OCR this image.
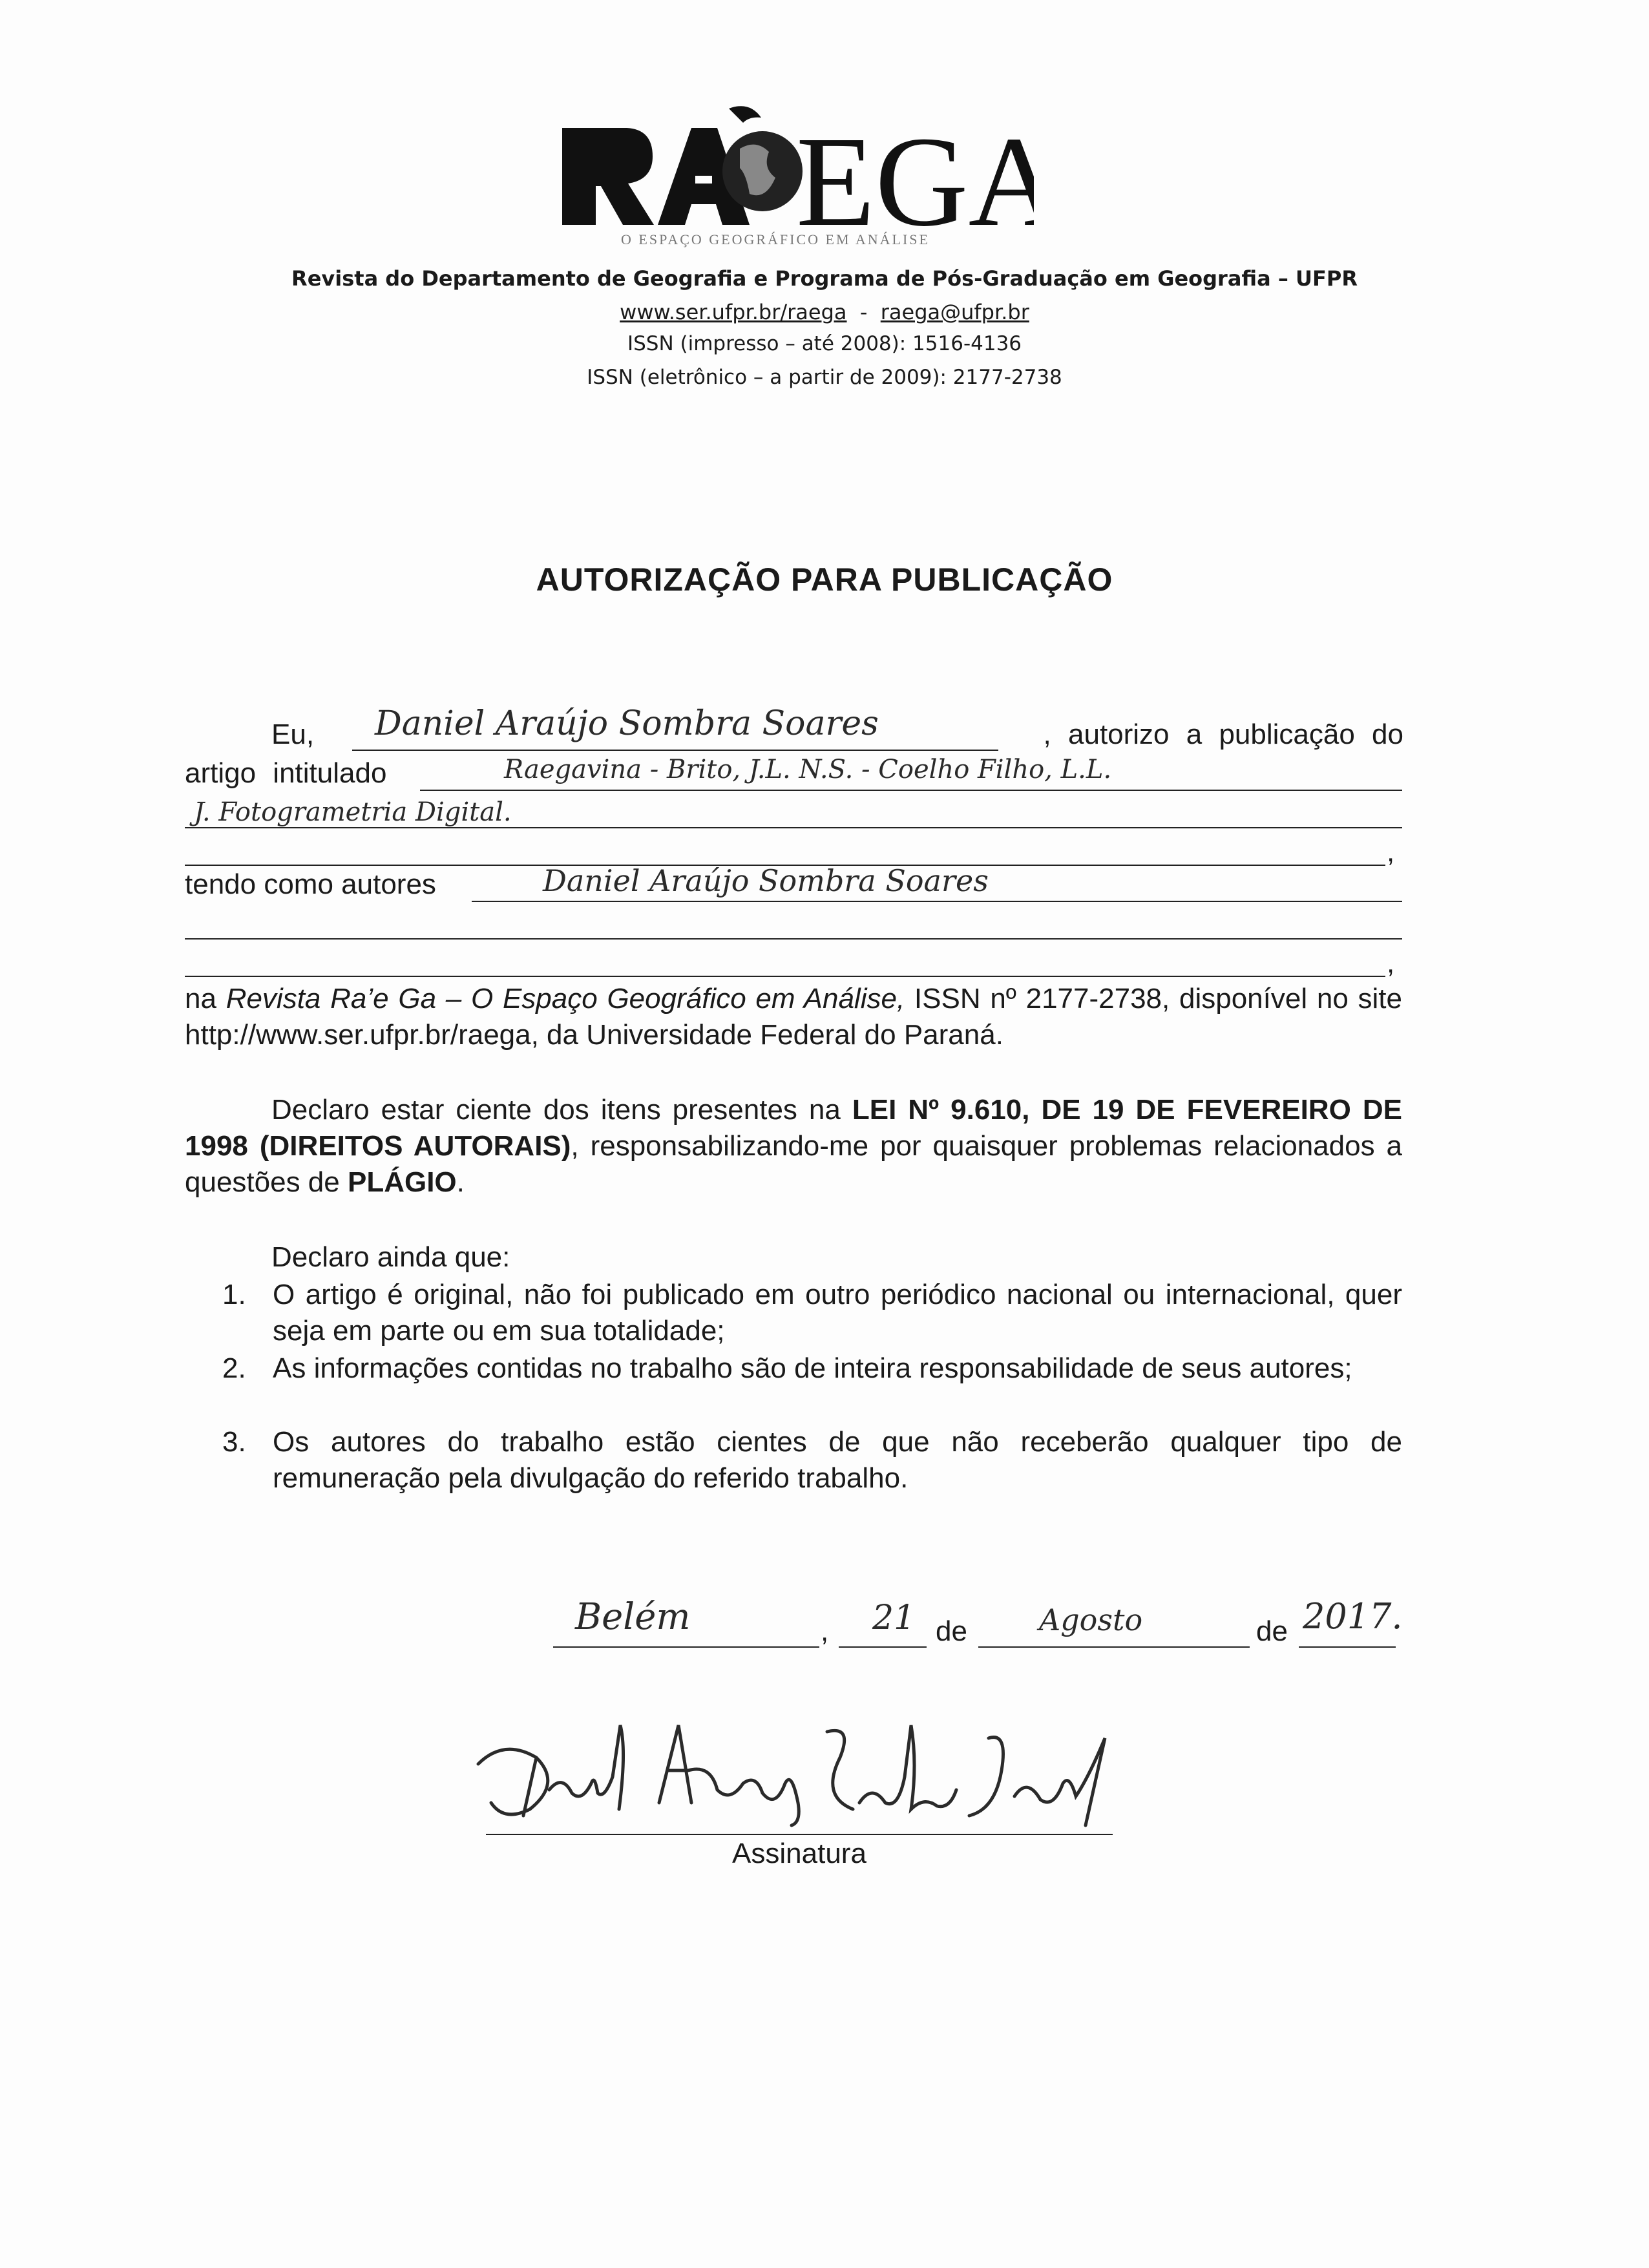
EGA
O ESPAÇO GEOGRÁFICO EM ANÁLISE
Revista do Departamento de Geografia e Programa de Pós-Graduação em Geografia – UFPR
www.ser.ufpr.br/raega - raega@ufpr.br
ISSN (impresso – até 2008): 1516-4136
ISSN (eletrônico – a partir de 2009): 2177-2738
AUTORIZAÇÃO PARA PUBLICAÇÃO
Eu, Daniel Araújo Sombra Soares	, autorizo a publicação do
artigo intitulado	Raegavina - Brito, J.L. N.S. - Coelho Filho, L.L.
J. Fotogrametria Digital.
,
tendo como autores	Daniel Araújo Sombra Soares
,
na Revista Ra’e Ga – O Espaço Geográfico em Análise, ISSN nº 2177-2738, disponível no site http://www.ser.ufpr.br/raega, da Universidade Federal do Paraná.
Declaro estar ciente dos itens presentes na LEI Nº 9.610, DE 19 DE FEVEREIRO DE 1998 (DIREITOS AUTORAIS), responsabilizando-me por quaisquer problemas relacionados a questões de PLÁGIO.
Declaro ainda que:
1. O artigo é original, não foi publicado em outro periódico nacional ou internacional, quer seja em parte ou em sua totalidade;
2. As informações contidas no trabalho são de inteira responsabilidade de seus autores;
3. Os autores do trabalho estão cientes de que não receberão qualquer tipo de remuneração pela divulgação do referido trabalho.
Belém	, 21 de Agosto	de 2017.
Assinatura
